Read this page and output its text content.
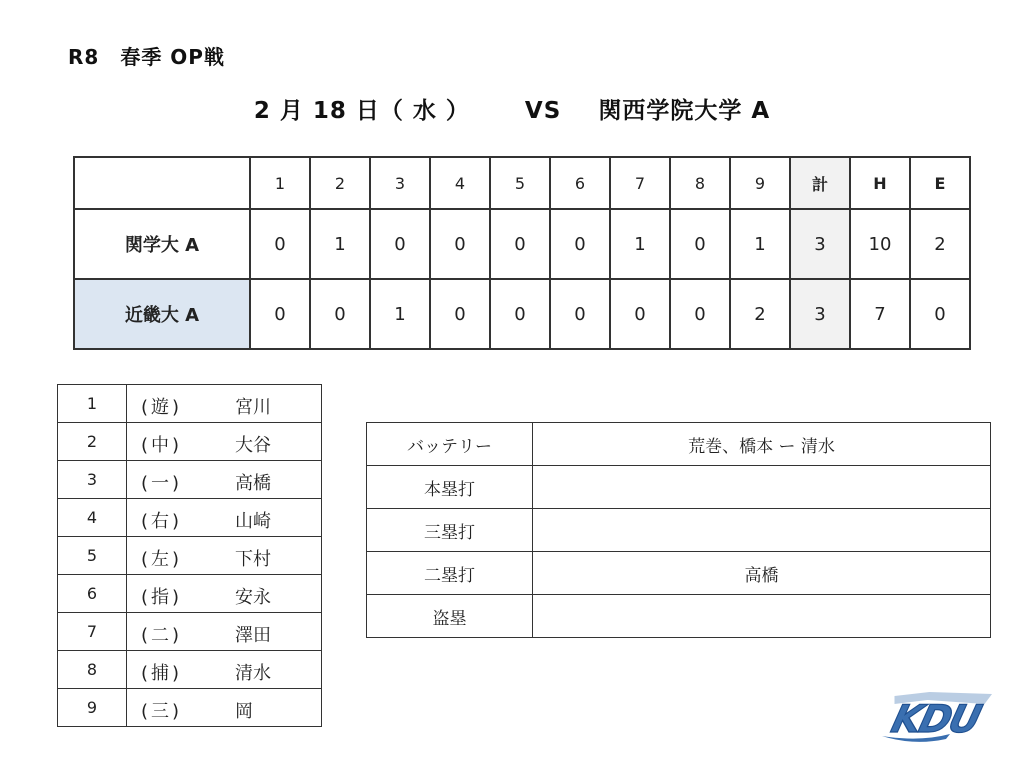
R8　春季 OP戦
2 月 18 日（ 水 ） VS 関西学院大学 A
	1	2	3	4	5	6	7	8	9	計	H	E
関学大 A	0	1	0	0	0	0	1	0	1	3	10	2
近畿大 A	0	0	1	0	0	0	0	0	2	3	7	0
1	(遊) 宮川

2	(中) 大谷

3	(一) 高橋

4	(右) 山崎

5	(左) 下村

6	(指) 安永

7	(二) 澤田

8	(捕) 清水

9	(三) 岡
バッテリー	荒巻、橋本 ー 清水
本塁打	
三塁打	
二塁打	高橋
盗塁	
KDU
